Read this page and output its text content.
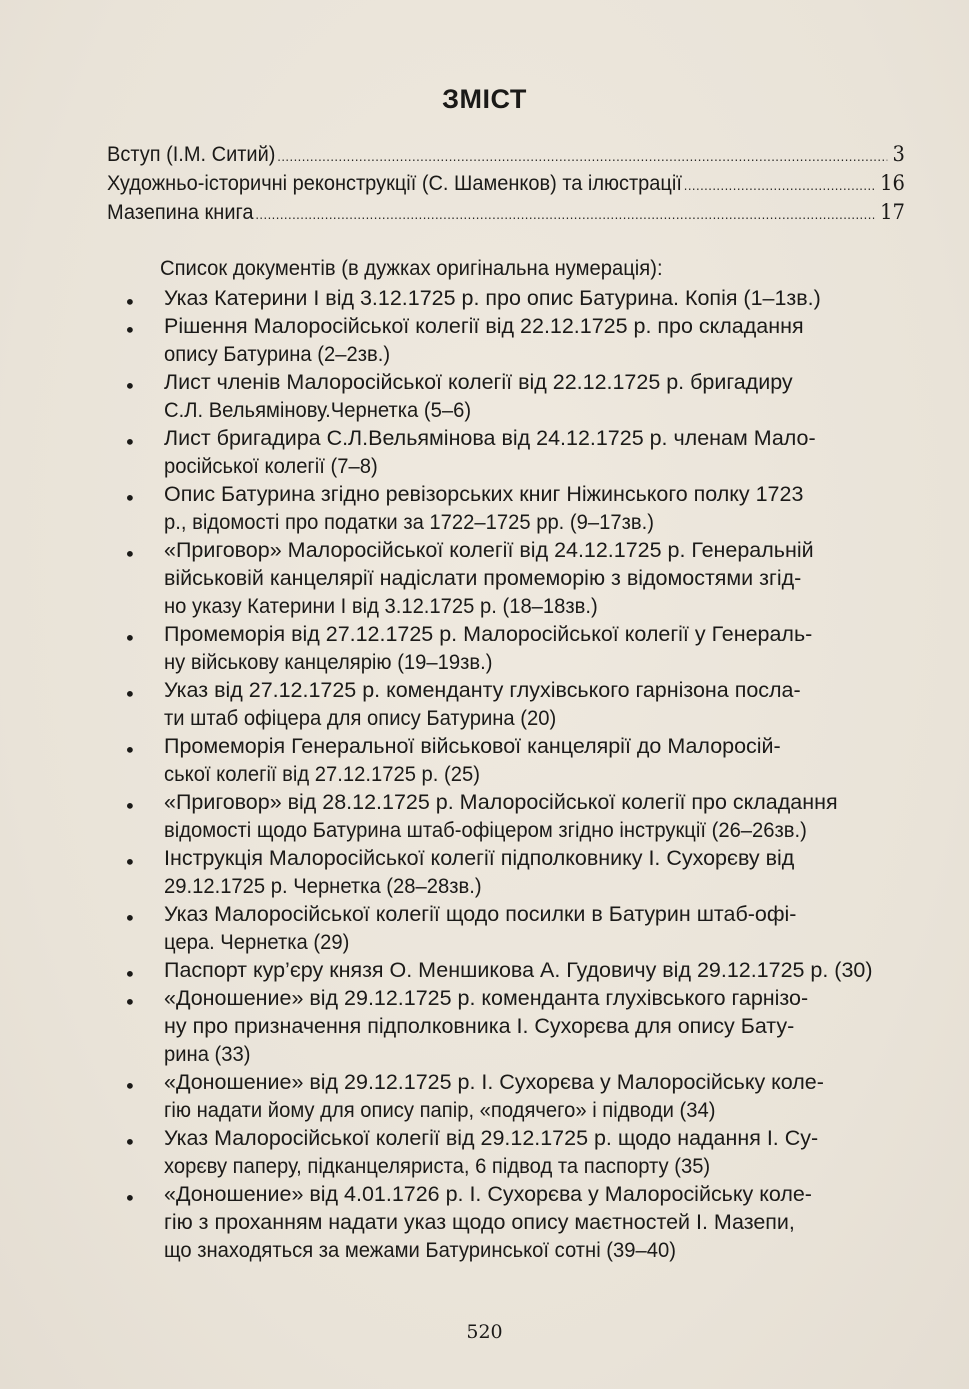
ЗМІСТ
Вступ (І.М. Ситий) .....	3
Художньо-історичні реконструкції (С. Шаменков) та ілюстрації .....	16
Мазепина книга .....	17
Список документів (в дужках оригінальна нумерація):
• Указ Катерини І від 3.12.1725 р. про опис Батурина. Копія (1–1зв.)
• Рішення Малоросійської колегії від 22.12.1725 р. про складання
опису Батурина (2–2зв.)
• Лист членів Малоросійської колегії від 22.12.1725 р. бригадиру
С.Л. Вельямінову.Чернетка (5–6)
• Лист бригадира С.Л.Вельямінова від 24.12.1725 р. членам Мало-
російської колегії (7–8)
• Опис Батурина згідно ревізорських книг Ніжинського полку 1723
р., відомості про податки за 1722–1725 рр. (9–17зв.)
• «Приговор» Малоросійської колегії від 24.12.1725 р. Генеральній
військовій канцелярії надіслати промеморію з відомостями згід-
но указу Катерини І від 3.12.1725 р. (18–18зв.)
• Промеморія від 27.12.1725 р. Малоросійської колегії у Генераль-
ну військову канцелярію (19–19зв.)
• Указ від 27.12.1725 р. коменданту глухівського гарнізона посла-
ти штаб офіцера для опису Батурина (20)
• Промеморія Генеральної військової канцелярії до Малоросій-
ської колегії від 27.12.1725 р. (25)
• «Приговор» від 28.12.1725 р. Малоросійської колегії про складання
відомості щодо Батурина штаб-офіцером згідно інструкції (26–26зв.)
• Інструкція Малоросійської колегії підполковнику І. Сухорєву від
29.12.1725 р. Чернетка (28–28зв.)
• Указ Малоросійської колегії щодо посилки в Батурин штаб-офі-
цера. Чернетка (29)
• Паспорт кур’єру князя О. Меншикова А. Гудовичу від 29.12.1725 р. (30)
• «Доношение» від 29.12.1725 р. коменданта глухівського гарнізо-
ну про призначення підполковника І. Сухорєва для опису Бату-
рина (33)
• «Доношение» від 29.12.1725 р. І. Сухорєва у Малоросійську коле-
гію надати йому для опису папір, «подячего» і підводи (34)
• Указ Малоросійської колегії від 29.12.1725 р. щодо надання І. Су-
хорєву паперу, підканцеляриста, 6 підвод та паспорту (35)
• «Доношение» від 4.01.1726 р. І. Сухорєва у Малоросійську коле-
гію з проханням надати указ щодо опису маєтностей І. Мазепи,
що знаходяться за межами Батуринської сотні (39–40)
520
